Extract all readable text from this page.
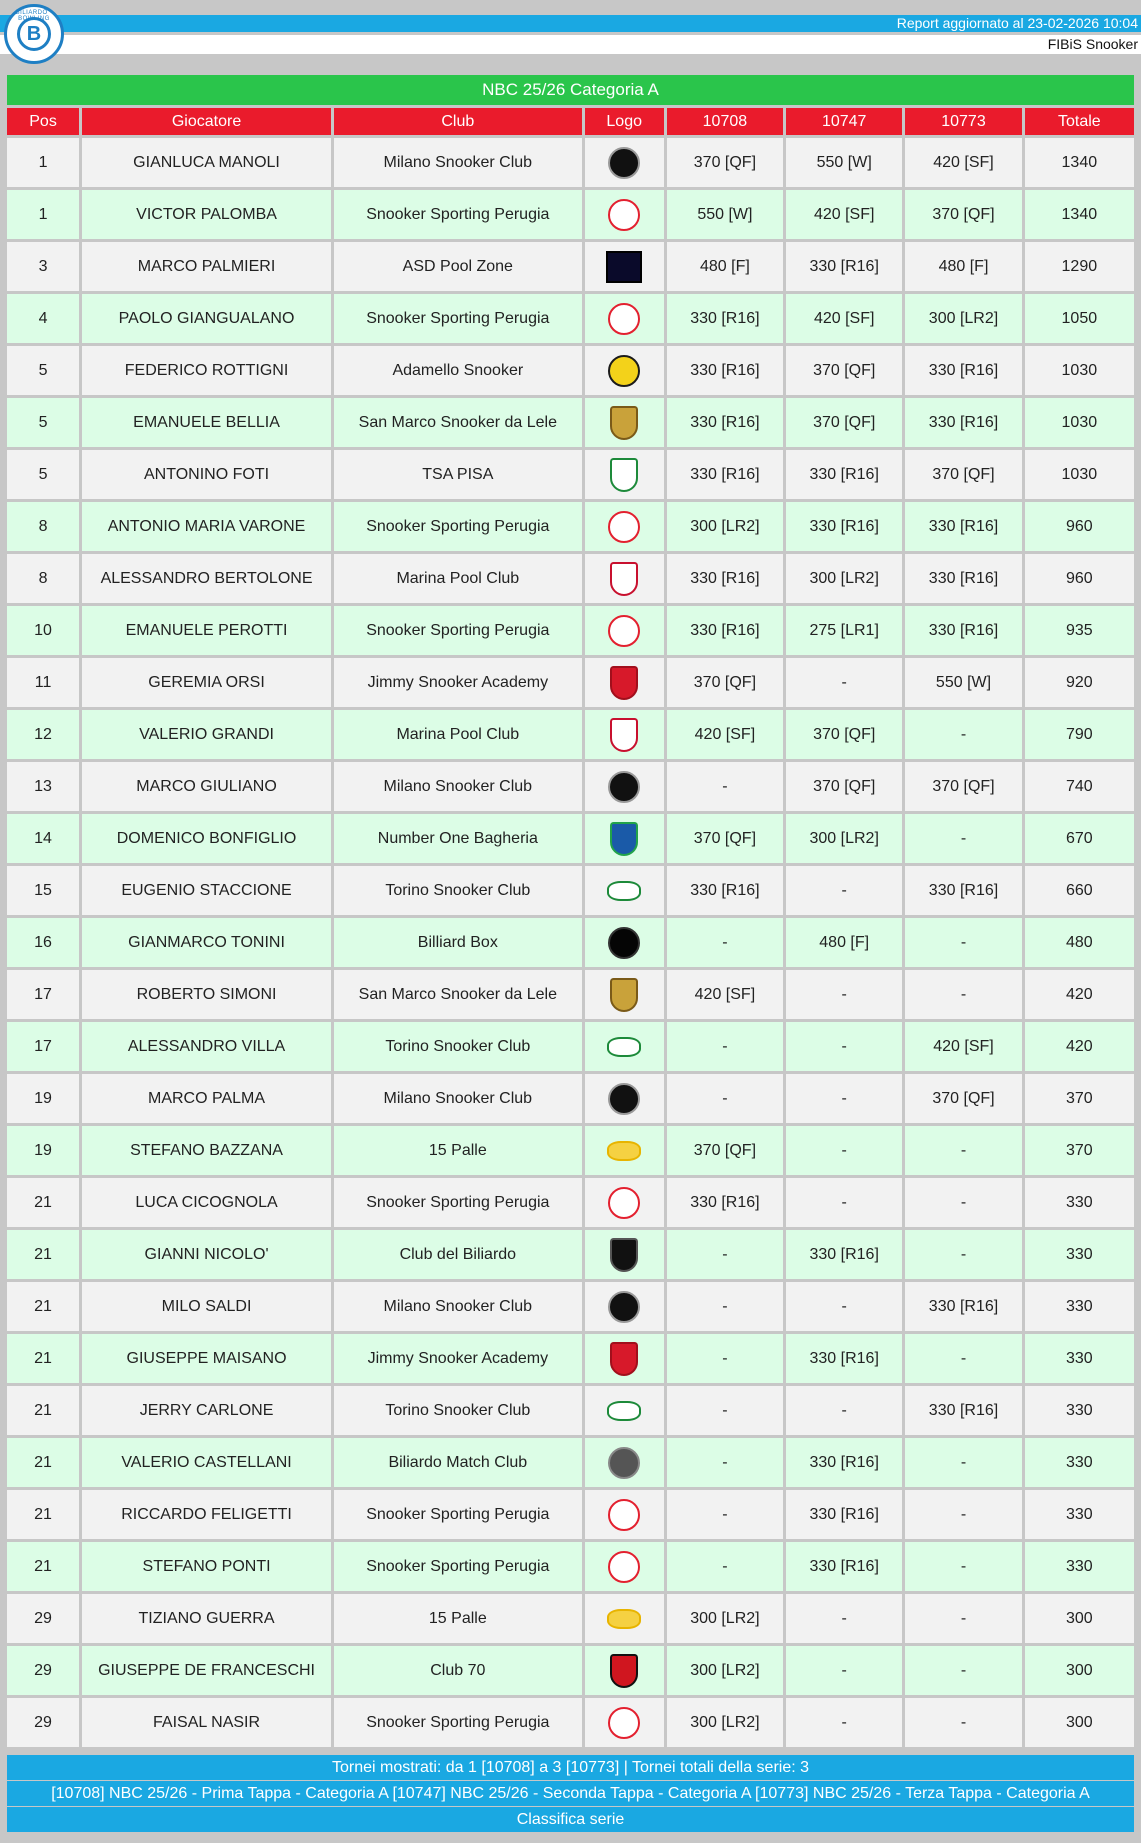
BILIARDO · BOWLING
B	Report aggiornato al 23-02-2026 10:04
FIBiS Snooker
NBC 25/26 Categoria A
Pos	Giocatore	Club	Logo	10708	10747	10773	Totale
1	GIANLUCA MANOLI	Milano Snooker Club		370 [QF]	550 [W]	420 [SF]	1340
1	VICTOR PALOMBA	Snooker Sporting Perugia		550 [W]	420 [SF]	370 [QF]	1340
3	MARCO PALMIERI	ASD Pool Zone		480 [F]	330 [R16]	480 [F]	1290
4	PAOLO GIANGUALANO	Snooker Sporting Perugia		330 [R16]	420 [SF]	300 [LR2]	1050
5	FEDERICO ROTTIGNI	Adamello Snooker		330 [R16]	370 [QF]	330 [R16]	1030
5	EMANUELE BELLIA	San Marco Snooker da Lele		330 [R16]	370 [QF]	330 [R16]	1030
5	ANTONINO FOTI	TSA PISA		330 [R16]	330 [R16]	370 [QF]	1030
8	ANTONIO MARIA VARONE	Snooker Sporting Perugia		300 [LR2]	330 [R16]	330 [R16]	960
8	ALESSANDRO BERTOLONE	Marina Pool Club		330 [R16]	300 [LR2]	330 [R16]	960
10	EMANUELE PEROTTI	Snooker Sporting Perugia		330 [R16]	275 [LR1]	330 [R16]	935
11	GEREMIA ORSI	Jimmy Snooker Academy		370 [QF]	-	550 [W]	920
12	VALERIO GRANDI	Marina Pool Club		420 [SF]	370 [QF]	-	790
13	MARCO GIULIANO	Milano Snooker Club		-	370 [QF]	370 [QF]	740
14	DOMENICO BONFIGLIO	Number One Bagheria		370 [QF]	300 [LR2]	-	670
15	EUGENIO STACCIONE	Torino Snooker Club		330 [R16]	-	330 [R16]	660
16	GIANMARCO TONINI	Billiard Box		-	480 [F]	-	480
17	ROBERTO SIMONI	San Marco Snooker da Lele		420 [SF]	-	-	420
17	ALESSANDRO VILLA	Torino Snooker Club		-	-	420 [SF]	420
19	MARCO PALMA	Milano Snooker Club		-	-	370 [QF]	370
19	STEFANO BAZZANA	15 Palle		370 [QF]	-	-	370
21	LUCA CICOGNOLA	Snooker Sporting Perugia		330 [R16]	-	-	330
21	GIANNI NICOLO'	Club del Biliardo		-	330 [R16]	-	330
21	MILO SALDI	Milano Snooker Club		-	-	330 [R16]	330
21	GIUSEPPE MAISANO	Jimmy Snooker Academy		-	330 [R16]	-	330
21	JERRY CARLONE	Torino Snooker Club		-	-	330 [R16]	330
21	VALERIO CASTELLANI	Biliardo Match Club		-	330 [R16]	-	330
21	RICCARDO FELIGETTI	Snooker Sporting Perugia		-	330 [R16]	-	330
21	STEFANO PONTI	Snooker Sporting Perugia		-	330 [R16]	-	330
29	TIZIANO GUERRA	15 Palle		300 [LR2]	-	-	300
29	GIUSEPPE DE FRANCESCHI	Club 70		300 [LR2]	-	-	300
29	FAISAL NASIR	Snooker Sporting Perugia		300 [LR2]	-	-	300
Tornei mostrati: da 1 [10708] a 3 [10773] | Tornei totali della serie: 3
[10708] NBC 25/26 - Prima Tappa - Categoria A [10747] NBC 25/26 - Seconda Tappa - Categoria A [10773] NBC 25/26 - Terza Tappa - Categoria A
Classifica serie
